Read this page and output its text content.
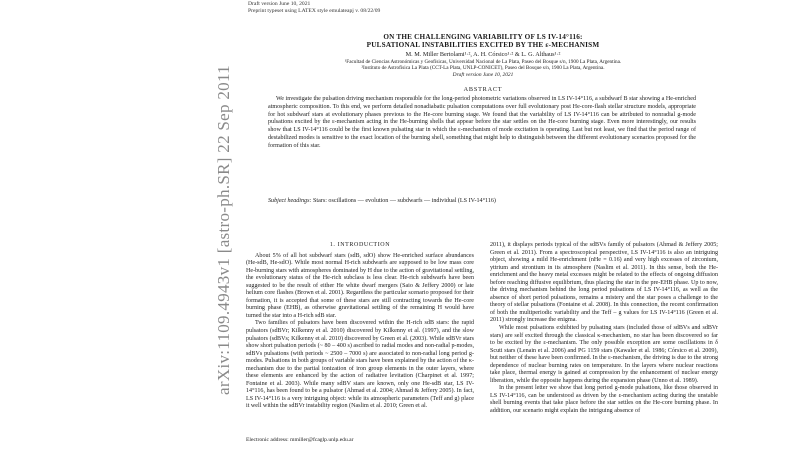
Draft version June 10, 2021
Preprint typeset using LATEX style emulateapj v. 08/22/09
arXiv:1109.4943v1 [astro-ph.SR] 22 Sep 2011
ON THE CHALLENGING VARIABILITY OF LS IV-14°116:
PULSATIONAL INSTABILITIES EXCITED BY THE ε-MECHANISM
M. M. Miller Bertolami¹·², A. H. Córsico¹·² & L. G. Althaus¹·²
¹Facultad de Ciencias Astronómicas y Geofísicas, Universidad Nacional de La Plata, Paseo del Bosque s/n, 1900 La Plata, Argentina.
²Instituto de Astrofísica La Plata (CCT-La Plata, UNLP-CONICET), Paseo del Bosque s/n, 1900 La Plata, Argentina.
Draft version June 10, 2021
ABSTRACT

We investigate the pulsation driving mechanism responsible for the long-period photometric variations observed in LS IV-14°116, a subdwarf B star showing a He-enriched atmospheric composition. To this end, we perform detailed nonadiabatic pulsation computations over full evolutionary post He-core-flash stellar structure models, appropriate for hot subdwarf stars at evolutionary phases previous to the He-core burning stage. We found that the variability of LS IV-14°116 can be attributed to nonradial g-mode pulsations excited by the ε-mechanism acting in the He-burning shells that appear before the star settles on the He-core burning stage. Even more interestingly, our results show that LS IV-14°116 could be the first known pulsating star in which the ε-mechanism of mode excitation is operating. Last but not least, we find that the period range of destabilized modes is sensitive to the exact location of the burning shell, something that might help to distinguish between the different evolutionary scenarios proposed for the formation of this star.

Subject headings: Stars: oscillations — evolution — subdwarfs — individual (LS IV-14°116)
1. INTRODUCTION

About 5% of all hot subdwarf stars (sdB, sdO) show He-enriched surface abundances (He-sdB, He-sdO). While most normal H-rich subdwarfs are supposed to be low mass core He-burning stars with atmospheres dominated by H due to the action of gravitational settling, the evolutionary status of the He-rich subclass is less clear. He-rich subdwarfs have been suggested to be the result of either He white dwarf mergers (Saio & Jeffery 2000) or late helium core flashes (Brown et al. 2001). Regardless the particular scenario proposed for their formation, it is accepted that some of these stars are still contracting towards the He-core burning phase (EHB), as otherwise gravitational settling of the remaining H would have turned the star into a H-rich sdB star.

Two families of pulsators have been discovered within the H-rich sdB stars: the rapid pulsators (sdBVr; Kilkenny et al. 2010) discovered by Kilkenny et al. (1997), and the slow pulsators (sdBVs; Kilkenny et al. 2010) discovered by Green et al. (2003). While sdBVr stars show short pulsation periods (~ 80 – 400 s) ascribed to radial modes and non-radial p-modes, sdBVs pulsations (with periods ~ 2500 – 7000 s) are associated to non-radial long period g-modes. Pulsations in both groups of variable stars have been explained by the action of the κ-mechanism due to the partial ionization of iron group elements in the outer layers, where these elements are enhanced by the action of radiative levitation (Charpinet et al. 1997; Fontaine et al. 2003). While many sdBV stars are known, only one He-sdB star, LS IV-14°116, has been found to be a pulsator (Ahmad et al. 2004; Ahmad & Jeffery 2005). In fact, LS IV-14°116 is a very intriguing object: while its atmospheric parameters (Teff and g) place it well within the sdBVr instability region (Naslim et al. 2010; Green et al.

2011), it displays periods typical of the sdBVs family of pulsators (Ahmad & Jeffery 2005; Green et al. 2011). From a spectroscopical perspective, LS IV-14°116 is also an intriguing object, showing a mild He-enrichment (nHe = 0.16) and very high excesses of zirconium, yttrium and strontium in its atmosphere (Naslim et al. 2011). In this sense, both the He-enrichment and the heavy metal excesses might be related to the effects of ongoing diffusion before reaching diffusive equilibrium, thus placing the star in the pre-EHB phase. Up to now, the driving mechanism behind the long period pulsations of LS IV-14°116, as well as the absence of short period pulsations, remains a mistery and the star poses a challenge to the theory of stellar pulsations (Fontaine et al. 2008). In this connection, the recent confirmation of both the multiperiodic variability and the Teff – g values for LS IV-14°116 (Green et al. 2011) strongly increase the enigma.

While most pulsations exhibited by pulsating stars (included those of sdBVs and sdBVr stars) are self excited through the classical κ-mechanism, no star has been discovered so far to be excited by the ε-mechanism. The only possible exception are some oscillations in δ Scuti stars (Lenain et al. 2006) and PG 1159 stars (Kawaler et al. 1986; Córsico et al. 2009), but neither of these have been confirmed. In the ε-mechanism, the driving is due to the strong dependence of nuclear burning rates on temperature. In the layers where nuclear reactions take place, thermal energy is gained at compression by the enhancement of nuclear energy liberation, while the opposite happens during the expansion phase (Unno et al. 1989).

In the present letter we show that long period g-mode pulsations, like those observed in LS IV-14°116, can be understood as driven by the ε-mechanism acting during the unstable shell burning events that take place before the star settles on the He-core burning phase. In addition, our scenario might explain the intriguing absence of

Electronic address: mmiller@fcaglp.unlp.edu.ar
